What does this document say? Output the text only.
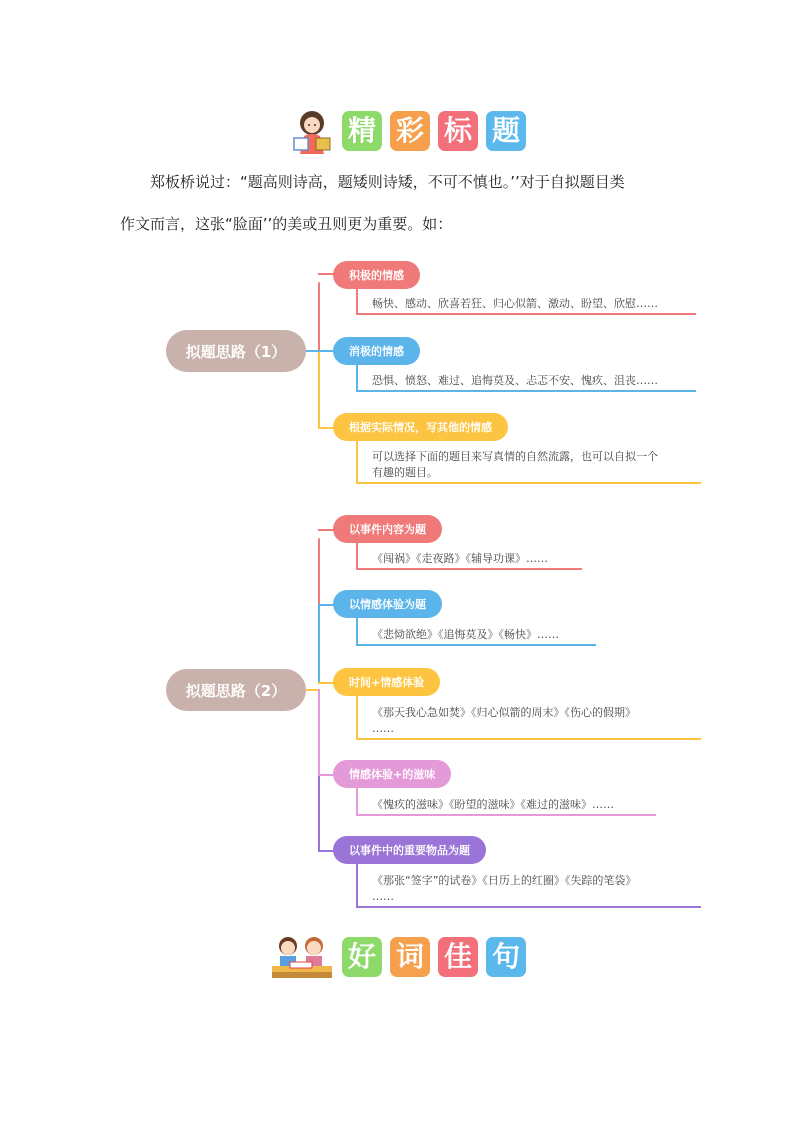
精 彩 标 题
郑板桥说过：“题高则诗高，题矮则诗矮，不可不慎也。’’对于自拟题目类
作文而言，这张“脸面’’的美或丑则更为重要。如：
拟题思路（1）
积极的情感
畅快、感动、欣喜若狂、归心似箭、激动、盼望、欣慰……
消极的情感
恐惧、愤怒、难过、追悔莫及、忐忑不安、愧疚、沮丧……
根据实际情况，写其他的情感
可以选择下面的题目来写真情的自然流露，也可以自拟一个
有趣的题目。
拟题思路（2）
以事件内容为题
《闯祸》《走夜路》《辅导功课》……
以情感体验为题
《悲恸欲绝》《追悔莫及》《畅快》……
时间+情感体验
《那天我心急如焚》《归心似箭的周末》《伤心的假期》
……
情感体验+的滋味
《愧疚的滋味》《盼望的滋味》《难过的滋味》……
以事件中的重要物品为题
《那张“签字”的试卷》《日历上的红圈》《失踪的笔袋》
……
好 词 佳 句
